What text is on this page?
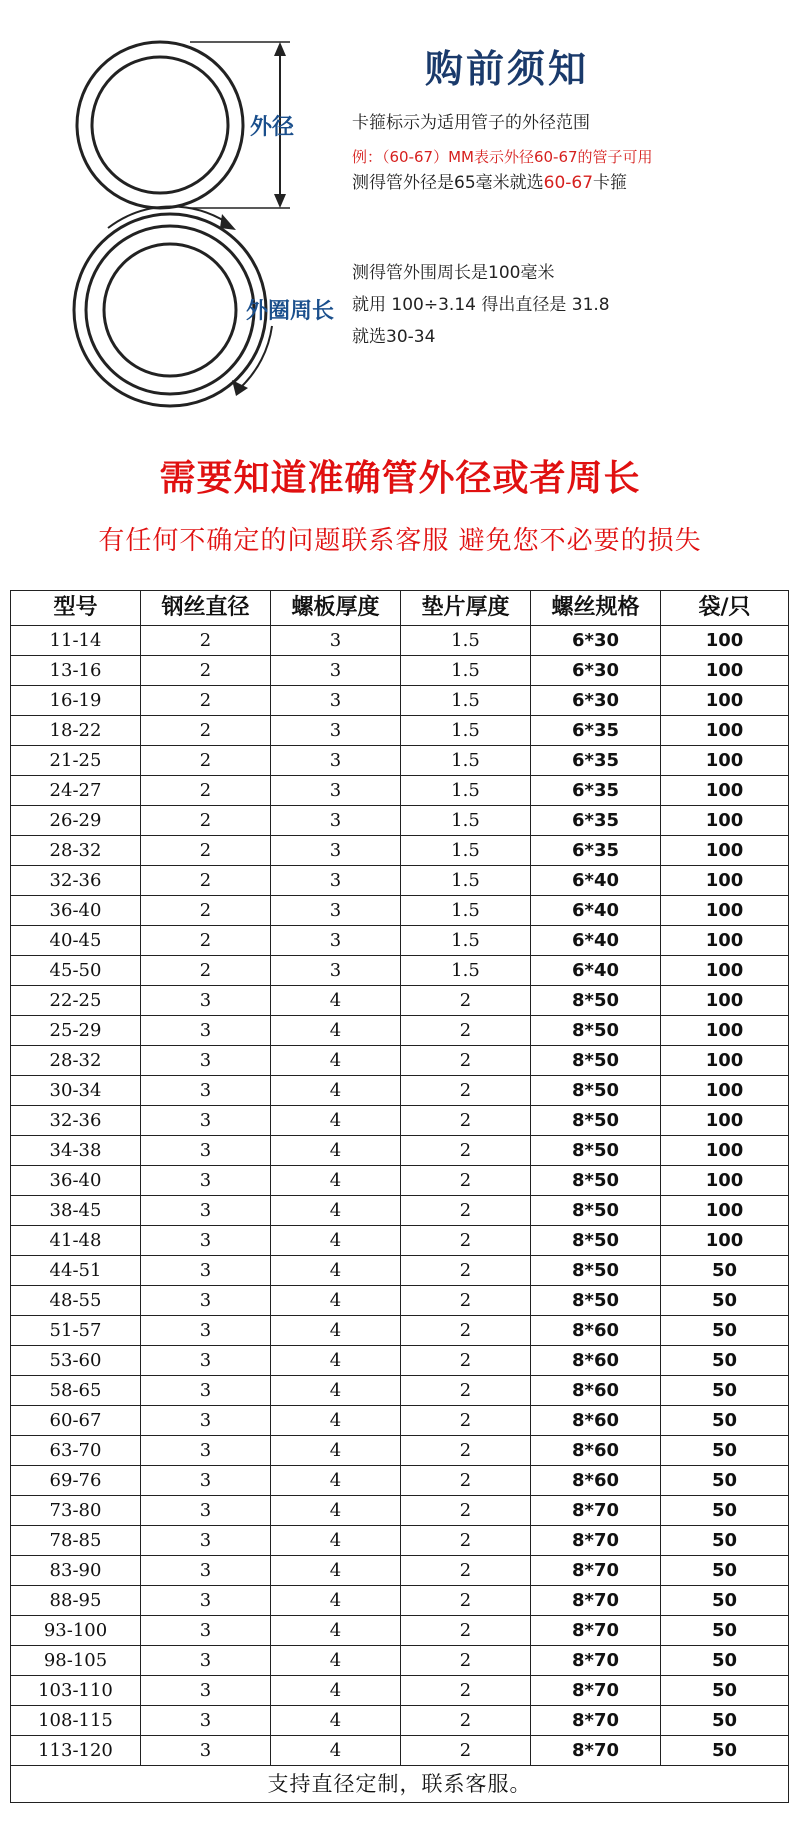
外径
外圈周长
购前须知
卡箍标示为适用管子的外径范围
例：（60-67）MM表示外径60-67的管子可用
测得管外径是65毫米就选60-67卡箍
测得管外围周长是100毫米
就用 100÷3.14 得出直径是 31.8
就选30-34
需要知道准确管外径或者周长
有任何不确定的问题联系客服 避免您不必要的损失
型号	钢丝直径	螺板厚度	垫片厚度	螺丝规格	袋/只
11-14	2	3	1.5	6*30	100
13-16	2	3	1.5	6*30	100
16-19	2	3	1.5	6*30	100
18-22	2	3	1.5	6*35	100
21-25	2	3	1.5	6*35	100
24-27	2	3	1.5	6*35	100
26-29	2	3	1.5	6*35	100
28-32	2	3	1.5	6*35	100
32-36	2	3	1.5	6*40	100
36-40	2	3	1.5	6*40	100
40-45	2	3	1.5	6*40	100
45-50	2	3	1.5	6*40	100
22-25	3	4	2	8*50	100
25-29	3	4	2	8*50	100
28-32	3	4	2	8*50	100
30-34	3	4	2	8*50	100
32-36	3	4	2	8*50	100
34-38	3	4	2	8*50	100
36-40	3	4	2	8*50	100
38-45	3	4	2	8*50	100
41-48	3	4	2	8*50	100
44-51	3	4	2	8*50	50
48-55	3	4	2	8*50	50
51-57	3	4	2	8*60	50
53-60	3	4	2	8*60	50
58-65	3	4	2	8*60	50
60-67	3	4	2	8*60	50
63-70	3	4	2	8*60	50
69-76	3	4	2	8*60	50
73-80	3	4	2	8*70	50
78-85	3	4	2	8*70	50
83-90	3	4	2	8*70	50
88-95	3	4	2	8*70	50
93-100	3	4	2	8*70	50
98-105	3	4	2	8*70	50
103-110	3	4	2	8*70	50
108-115	3	4	2	8*70	50
113-120	3	4	2	8*70	50
支持直径定制，联系客服。					
